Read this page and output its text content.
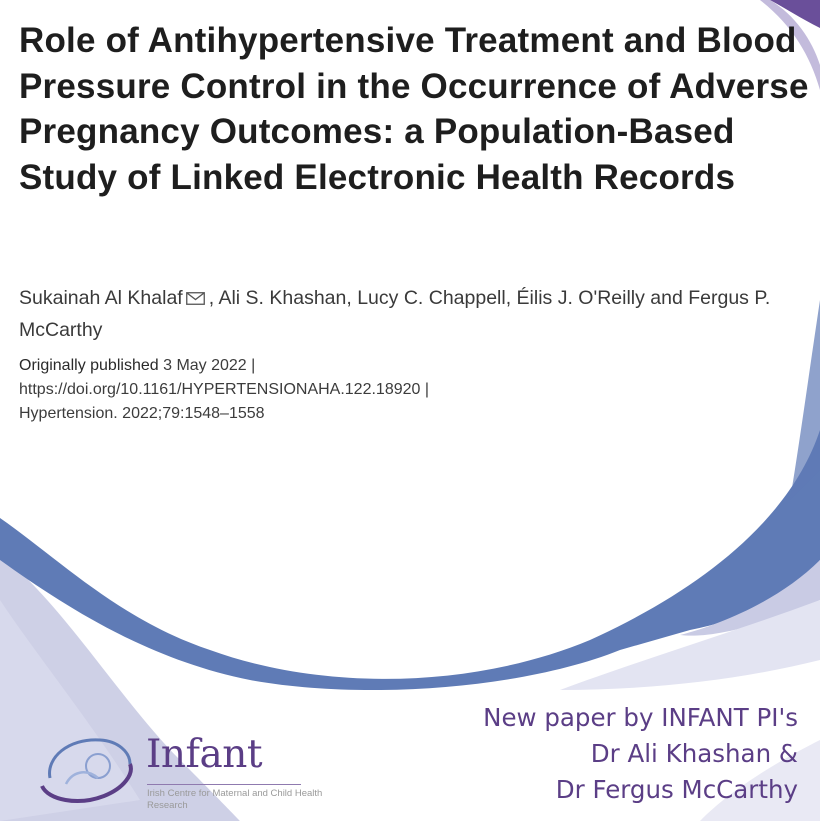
Role of Antihypertensive Treatment and Blood Pressure Control in the Occurrence of Adverse Pregnancy Outcomes: a Population-Based Study of Linked Electronic Health Records
Sukainah Al Khalaf , Ali S. Khashan, Lucy C. Chappell, Éilis J. O'Reilly and Fergus P. McCarthy
Originally published 3 May 2022 |
https://doi.org/10.1161/HYPERTENSIONAHA.122.18920 |
Hypertension. 2022;79:1548–1558
New paper by INFANT PI's
Dr Ali Khashan &
Dr Fergus McCarthy
Infant
Irish Centre for Maternal and Child Health Research
